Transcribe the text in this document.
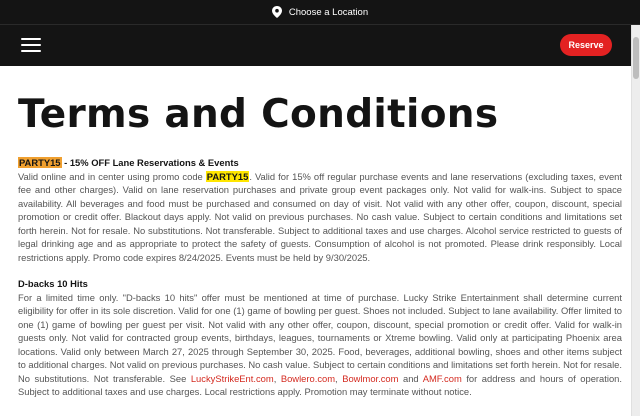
Choose a Location
Reserve
Terms and Conditions
PARTY15 - 15% OFF Lane Reservations & Events
Valid online and in center using promo code PARTY15. Valid for 15% off regular purchase events and lane reservations (excluding taxes, event fee and other charges). Valid on lane reservation purchases and private group event packages only. Not valid for walk-ins. Subject to space availability. All beverages and food must be purchased and consumed on day of visit. Not valid with any other offer, coupon, discount, special promotion or credit offer. Blackout days apply. Not valid on previous purchases. No cash value. Subject to certain conditions and limitations set forth herein. Not for resale. No substitutions. Not transferable. Subject to additional taxes and use charges. Alcohol service restricted to guests of legal drinking age and as appropriate to protect the safety of guests. Consumption of alcohol is not promoted. Please drink responsibly. Local restrictions apply. Promo code expires 8/24/2025. Events must be held by 9/30/2025.
D-backs 10 Hits
For a limited time only. "D-backs 10 hits" offer must be mentioned at time of purchase. Lucky Strike Entertainment shall determine current eligibility for offer in its sole discretion. Valid for one (1) game of bowling per guest. Shoes not included. Subject to lane availability. Offer limited to one (1) game of bowling per guest per visit. Not valid with any other offer, coupon, discount, special promotion or credit offer. Valid for walk-in guests only. Not valid for contracted group events, birthdays, leagues, tournaments or Xtreme bowling. Valid only at participating Phoenix area locations. Valid only between March 27, 2025 through September 30, 2025. Food, beverages, additional bowling, shoes and other items subject to additional charges. Not valid on previous purchases. No cash value. Subject to certain conditions and limitations set forth herein. Not for resale. No substitutions. Not transferable. See LuckyStrikeEnt.com, Bowlero.com, Bowlmor.com and AMF.com for address and hours of operation. Subject to additional taxes and use charges. Local restrictions apply. Promotion may terminate without notice.
